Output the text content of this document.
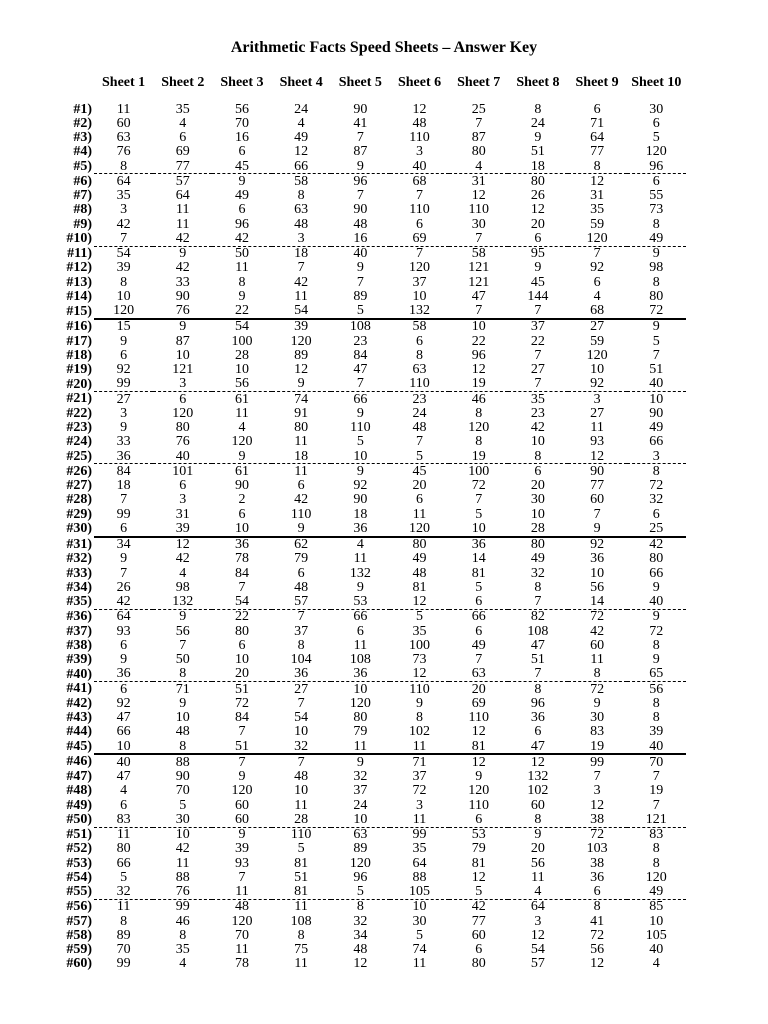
Arithmetic Facts Speed Sheets – Answer Key
	Sheet 1	Sheet 2	Sheet 3	Sheet 4	Sheet 5	Sheet 6	Sheet 7	Sheet 8	Sheet 9	Sheet 10

#1)	11	35	56	24	90	12	25	8	6	30
#2)	60	4	70	4	41	48	7	24	71	6
#3)	63	6	16	49	7	110	87	9	64	5
#4)	76	69	6	12	87	3	80	51	77	120
#5)	8	77	45	66	9	40	4	18	8	96
#6)	64	57	9	58	96	68	31	80	12	6
#7)	35	64	49	8	7	7	12	26	31	55
#8)	3	11	6	63	90	110	110	12	35	73
#9)	42	11	96	48	48	6	30	20	59	8
#10)	7	42	42	3	16	69	7	6	120	49
#11)	54	9	50	18	40	7	58	95	7	9
#12)	39	42	11	7	9	120	121	9	92	98
#13)	8	33	8	42	7	37	121	45	6	8
#14)	10	90	9	11	89	10	47	144	4	80
#15)	120	76	22	54	5	132	7	7	68	72
#16)	15	9	54	39	108	58	10	37	27	9
#17)	9	87	100	120	23	6	22	22	59	5
#18)	6	10	28	89	84	8	96	7	120	7
#19)	92	121	10	12	47	63	12	27	10	51
#20)	99	3	56	9	7	110	19	7	92	40
#21)	27	6	61	74	66	23	46	35	3	10
#22)	3	120	11	91	9	24	8	23	27	90
#23)	9	80	4	80	110	48	120	42	11	49
#24)	33	76	120	11	5	7	8	10	93	66
#25)	36	40	9	18	10	5	19	8	12	3
#26)	84	101	61	11	9	45	100	6	90	8
#27)	18	6	90	6	92	20	72	20	77	72
#28)	7	3	2	42	90	6	7	30	60	32
#29)	99	31	6	110	18	11	5	10	7	6
#30)	6	39	10	9	36	120	10	28	9	25
#31)	34	12	36	62	4	80	36	80	92	42
#32)	9	42	78	79	11	49	14	49	36	80
#33)	7	4	84	6	132	48	81	32	10	66
#34)	26	98	7	48	9	81	5	8	56	9
#35)	42	132	54	57	53	12	6	7	14	40
#36)	64	9	22	7	66	5	66	82	72	9
#37)	93	56	80	37	6	35	6	108	42	72
#38)	6	7	6	8	11	100	49	47	60	8
#39)	9	50	10	104	108	73	7	51	11	9
#40)	36	8	20	36	36	12	63	7	8	65
#41)	6	71	51	27	10	110	20	8	72	56
#42)	92	9	72	7	120	9	69	96	9	8
#43)	47	10	84	54	80	8	110	36	30	8
#44)	66	48	7	10	79	102	12	6	83	39
#45)	10	8	51	32	11	11	81	47	19	40
#46)	40	88	7	7	9	71	12	12	99	70
#47)	47	90	9	48	32	37	9	132	7	7
#48)	4	70	120	10	37	72	120	102	3	19
#49)	6	5	60	11	24	3	110	60	12	7
#50)	83	30	60	28	10	11	6	8	38	121
#51)	11	10	9	110	63	99	53	9	72	83
#52)	80	42	39	5	89	35	79	20	103	8
#53)	66	11	93	81	120	64	81	56	38	8
#54)	5	88	7	51	96	88	12	11	36	120
#55)	32	76	11	81	5	105	5	4	6	49
#56)	11	99	48	11	8	10	42	64	8	85
#57)	8	46	120	108	32	30	77	3	41	10
#58)	89	8	70	8	34	5	60	12	72	105
#59)	70	35	11	75	48	74	6	54	56	40
#60)	99	4	78	11	12	11	80	57	12	4
